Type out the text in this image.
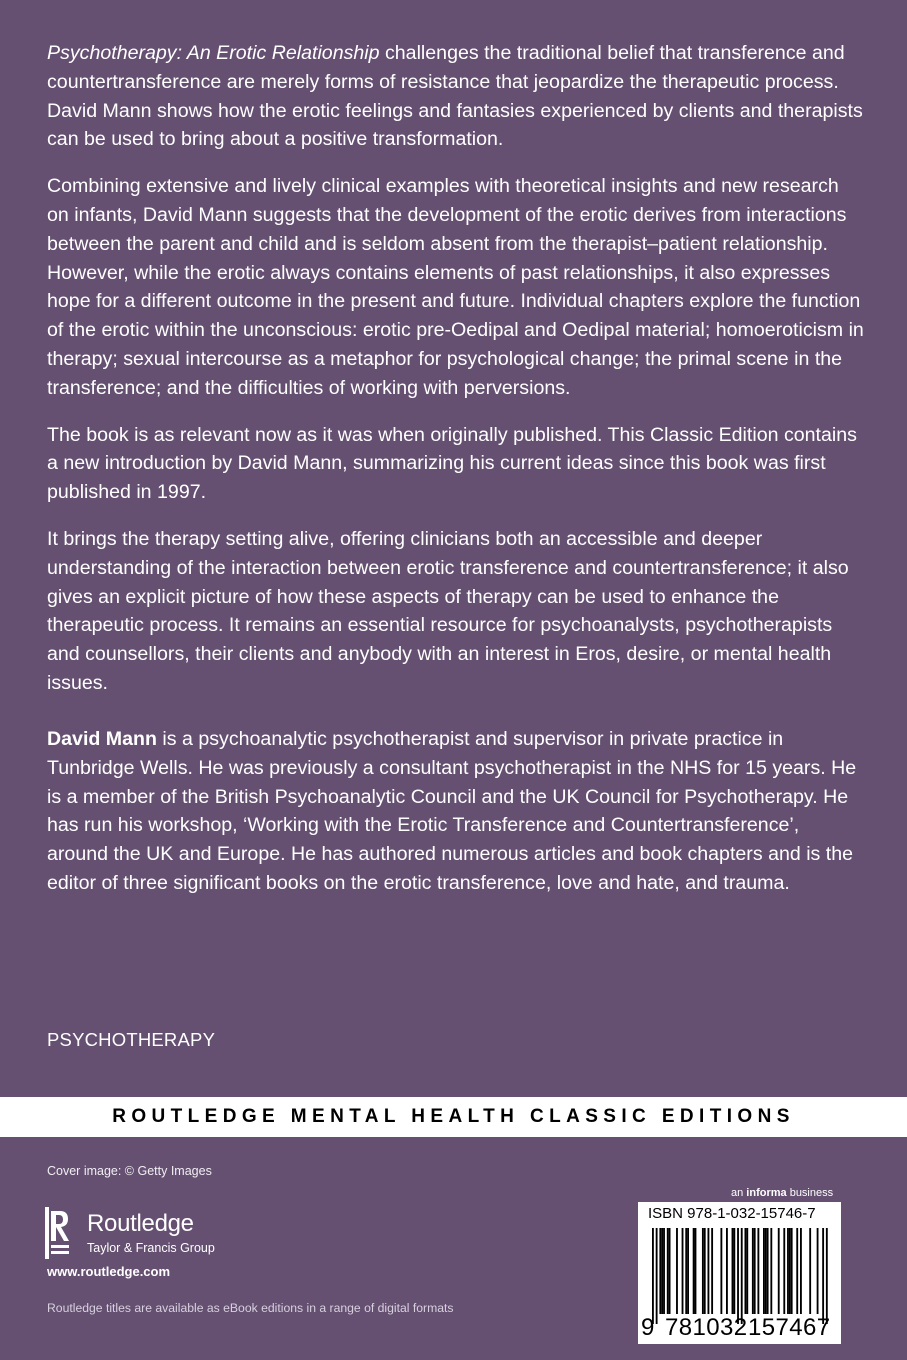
Psychotherapy: An Erotic Relationship challenges the traditional belief that transference and countertransference are merely forms of resistance that jeopardize the therapeutic process. David Mann shows how the erotic feelings and fantasies experienced by clients and therapists can be used to bring about a positive transformation.

Combining extensive and lively clinical examples with theoretical insights and new research on infants, David Mann suggests that the development of the erotic derives from interactions between the parent and child and is seldom absent from the therapist–patient relationship. However, while the erotic always contains elements of past relationships, it also expresses hope for a different outcome in the present and future. Individual chapters explore the function of the erotic within the unconscious: erotic pre-Oedipal and Oedipal material; homoeroticism in therapy; sexual intercourse as a metaphor for psychological change; the primal scene in the transference; and the difficulties of working with perversions.

The book is as relevant now as it was when originally published. This Classic Edition contains a new introduction by David Mann, summarizing his current ideas since this book was first published in 1997.

It brings the therapy setting alive, offering clinicians both an accessible and deeper understanding of the interaction between erotic transference and countertransference; it also gives an explicit picture of how these aspects of therapy can be used to enhance the therapeutic process. It remains an essential resource for psychoanalysts, psychotherapists and counsellors, their clients and anybody with an interest in Eros, desire, or mental health issues.

David Mann is a psychoanalytic psychotherapist and supervisor in private practice in Tunbridge Wells. He was previously a consultant psychotherapist in the NHS for 15 years. He is a member of the British Psychoanalytic Council and the UK Council for Psychotherapy. He has run his workshop, ‘Working with the Erotic Transference and Countertransference’, around the UK and Europe. He has authored numerous articles and book chapters and is the editor of three significant books on the erotic transference, love and hate, and trauma.

PSYCHOTHERAPY
ROUTLEDGE MENTAL HEALTH CLASSIC EDITIONS
Cover image: © Getty Images
Routledge
Taylor & Francis Group
www.routledge.com
Routledge titles are available as eBook editions in a range of digital formats
an informa business
ISBN 978-1-032-15746-7
9 781032 157467
